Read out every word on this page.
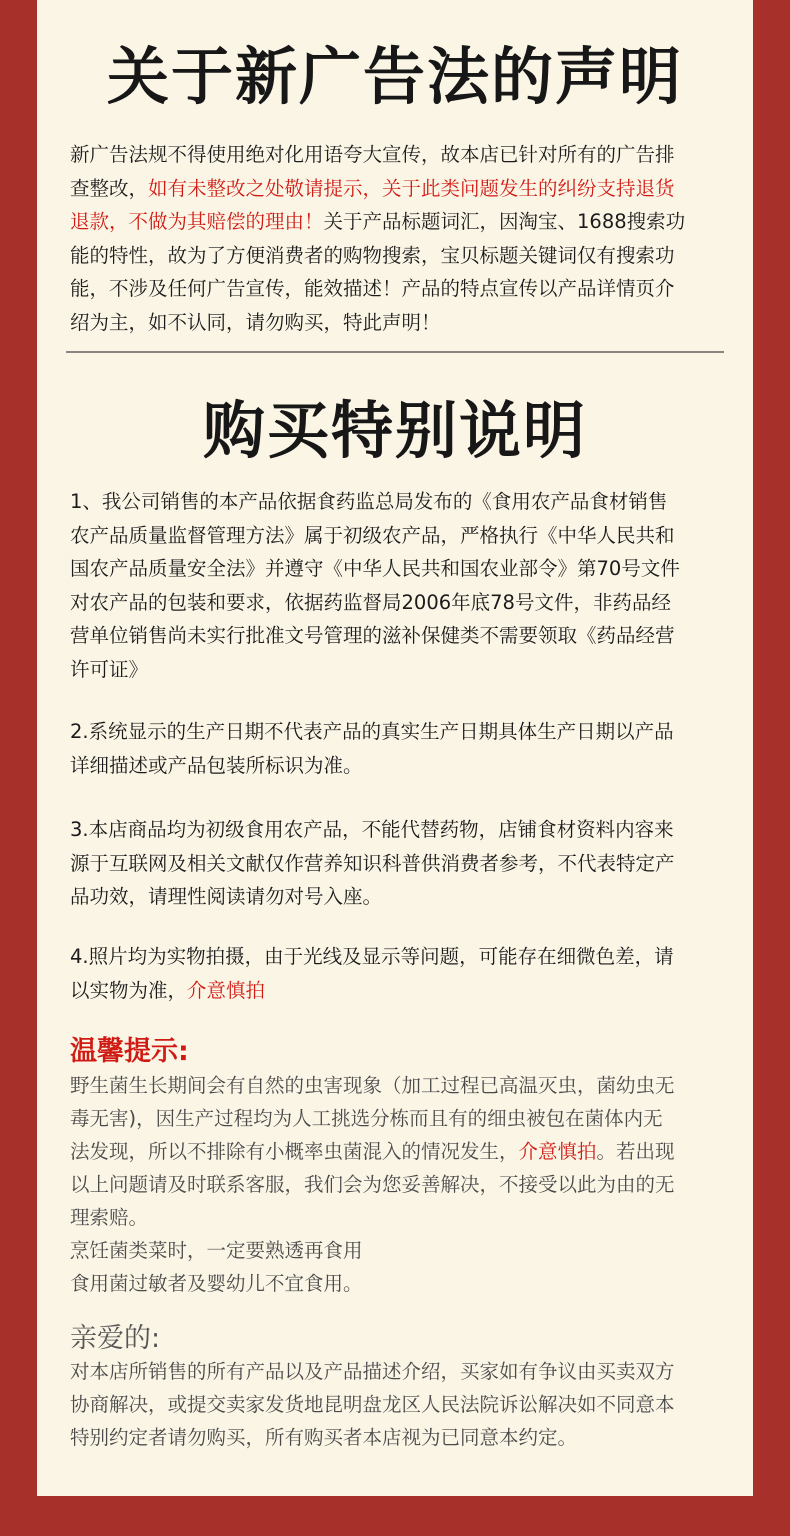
关于新广告法的声明
新广告法规不得使用绝对化用语夸大宣传，故本店已针对所有的广告排
查整改，如有未整改之处敬请提示，关于此类问题发生的纠纷支持退货
退款，不做为其赔偿的理由！关于产品标题词汇，因淘宝、1688搜索功
能的特性，故为了方便消费者的购物搜索，宝贝标题关键词仅有搜索功
能，不涉及任何广告宣传，能效描述！产品的特点宣传以产品详情页介
绍为主，如不认同，请勿购买，特此声明！
购买特别说明
1、我公司销售的本产品依据食药监总局发布的《食用农产品食材销售
农产品质量监督管理方法》属于初级农产品，严格执行《中华人民共和
国农产品质量安全法》并遵守《中华人民共和国农业部令》第70号文件
对农产品的包装和要求，依据药监督局2006年底78号文件，非药品经
营单位销售尚未实行批准文号管理的滋补保健类不需要领取《药品经营
许可证》
2.系统显示的生产日期不代表产品的真实生产日期具体生产日期以产品
详细描述或产品包装所标识为准。
3.本店商品均为初级食用农产品，不能代替药物，店铺食材资料内容来
源于互联网及相关文献仅作营养知识科普供消费者参考，不代表特定产
品功效，请理性阅读请勿对号入座。
4.照片均为实物拍摄，由于光线及显示等问题，可能存在细微色差，请
以实物为准，介意慎拍
温馨提示:
野生菌生长期间会有自然的虫害现象（加工过程已高温灭虫，菌幼虫无
毒无害)，因生产过程均为人工挑选分栋而且有的细虫被包在菌体内无
法发现，所以不排除有小概率虫菌混入的情况发生，介意慎拍。若出现
以上问题请及时联系客服，我们会为您妥善解决，不接受以此为由的无
理索赔。
烹饪菌类菜时，一定要熟透再食用
食用菌过敏者及婴幼儿不宜食用。
亲爱的:
对本店所销售的所有产品以及产品描述介绍，买家如有争议由买卖双方
协商解决，或提交卖家发货地昆明盘龙区人民法院诉讼解决如不同意本
特别约定者请勿购买，所有购买者本店视为已同意本约定。
